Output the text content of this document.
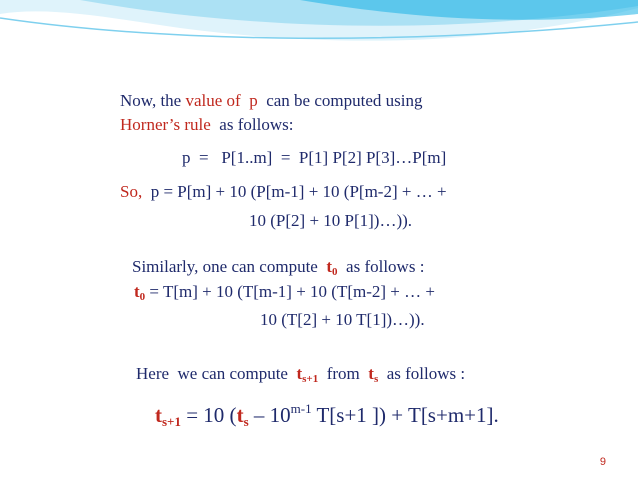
Now, the value of  p  can be computed using

Horner’s rule  as follows:

p  =   P[1..m]  =  P[1] P[2] P[3]…P[m]

So,  p = P[m] + 10 (P[m-1] + 10 (P[m-2] + … +

10 (P[2] + 10 P[1])…)).

Similarly, one can compute  $t_0$  as follows :

$t_0 = T[m] + 10$ (T[m-1] + 10 (T[m-2] + … +

10 (T[2] + 10 T[1])…)).

Here  we can compute  $t_{s+1}$  from  $t_s$  as follows :

$t_{s+1} = 10$ ($t_s - 10^{m-1}$ T[s+1 ]) + T[s+m+1].

9
